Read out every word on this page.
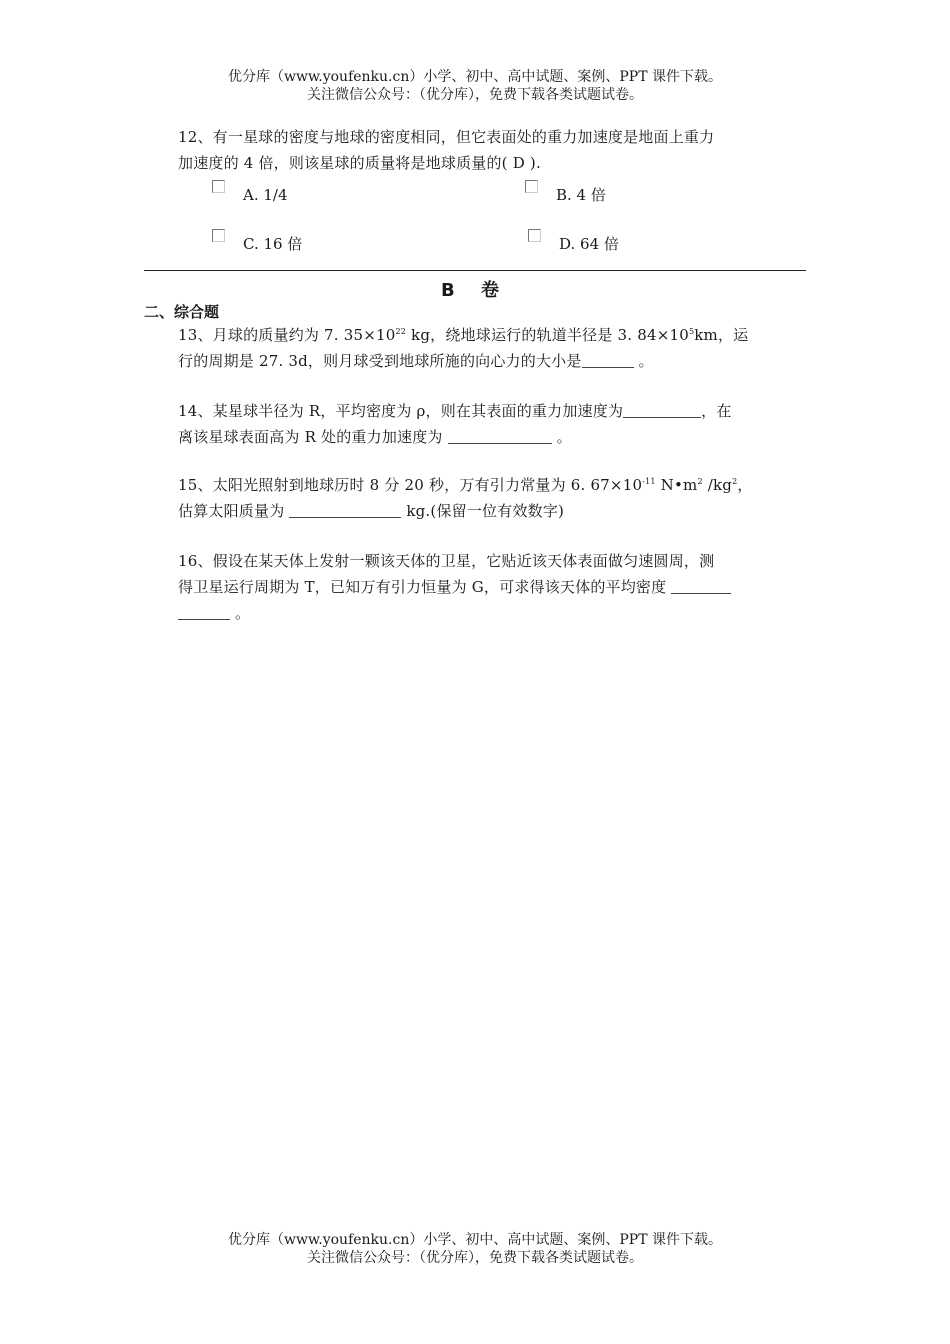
优分库（www.youfenku.cn）小学、初中、高中试题、案例、PPT 课件下载。
关注微信公众号：（优分库），免费下载各类试题试卷。
12、有一星球的密度与地球的密度相同，但它表面处的重力加速度是地面上重力
加速度的 4 倍，则该星球的质量将是地球质量的( D ).
A. 1/4	B. 4 倍
C. 16 倍	D. 64 倍
B 卷
二、综合题
13、月球的质量约为 7. $35\times 10^{22}$ kg，绕地球运行的轨道半径是 3. $84\times 10^5km$，运
行的周期是 27. 3d，则月球受到地球所施的向心力的大小是	。
14、某星球半径为 R，平均密度为 ρ，则在其表面的重力加速度为	，在
离该星球表面高为 R 处的重力加速度为	。
15、太阳光照射到地球历时 8 分 20 秒，万有引力常量为 6. $67\times 10^{-11}$ $N•m^2$ $/kg^2$，
估算太阳质量为	kg.(保留一位有效数字)
16、假设在某天体上发射一颗该天体的卫星，它贴近该天体表面做匀速圆周，测
得卫星运行周期为 T，已知万有引力恒量为 G，可求得该天体的平均密度
。
优分库（www.youfenku.cn）小学、初中、高中试题、案例、PPT 课件下载。
关注微信公众号：（优分库），免费下载各类试题试卷。
